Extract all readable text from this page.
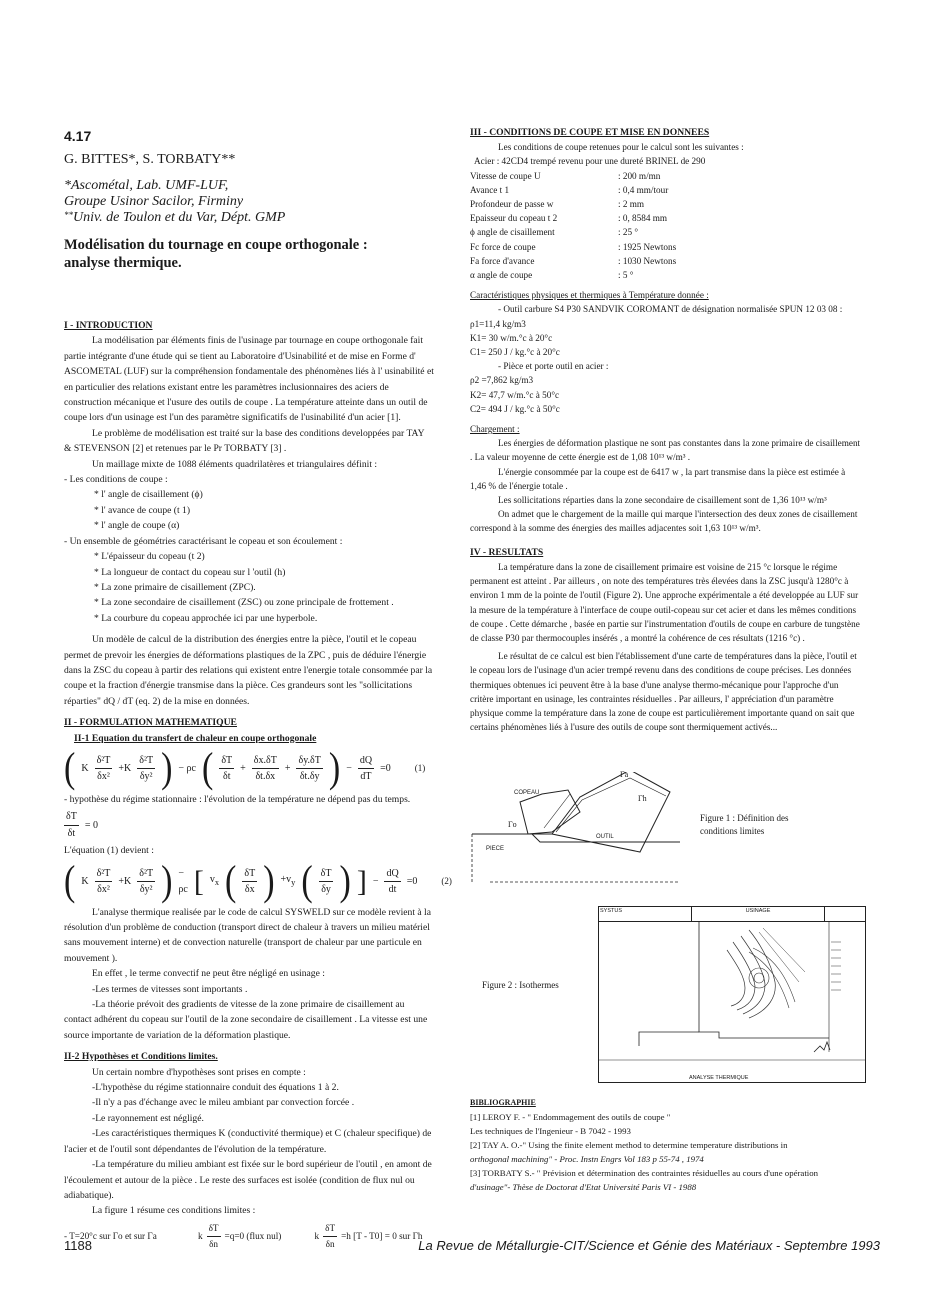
4.17
G. BITTES*, S. TORBATY**
*Ascométal, Lab. UMF-LUF,
Groupe Usinor Sacilor, Firminy
**Univ. de Toulon et du Var, Dépt. GMP
Modélisation du tournage en coupe orthogonale : analyse thermique.

I - INTRODUCTION

La modélisation par éléments finis de l'usinage par tournage en coupe orthogonale fait partie intégrante d'une étude qui se tient au Laboratoire d'Usinabilité et de mise en Forme d' ASCOMETAL (LUF) sur la compréhension fondamentale des phénomènes liés à l' usinabilité et en particulier des relations existant entre les paramètres inclusionnaires des aciers de construction mécanique et l'usure des outils de coupe . La température atteinte dans un outil de coupe lors d'un usinage est l'un des paramètre significatifs de l'usinabilité d'un acier [1].

Le problème de modélisation est traité sur la base des conditions developpées par TAY & STEVENSON [2] et retenues par le Pr TORBATY [3] .

Un maillage mixte de 1088 éléments quadrilatères et triangulaires définit :

- Les conditions de coupe :

* l' angle de cisaillement (ϕ)

* l' avance de coupe (t 1)

* l' angle de coupe (α)

- Un ensemble de géométries caractérisant le copeau et son écoulement :

* L'épaisseur du copeau (t 2)

* La longueur de contact du copeau sur l 'outil (h)

* La zone primaire de cisaillement (ZPC).

* La zone secondaire de cisaillement (ZSC) ou zone principale de frottement .

* La courbure du copeau approchée ici par une hyperbole.

Un modèle de calcul de la distribution des énergies entre la pièce, l'outil et le copeau permet de prevoir les énergies de déformations plastiques de la ZPC , puis de déduire l'énergie dans la ZSC du copeau à partir des relations qui existent entre l'energie totale consommée par la coupe et la fraction d'énergie transmise dans la pièce. Ces grandeurs sont les "sollicitations réparties" dQ / dT (eq. 2) de la mise en données.

II - FORMULATION MATHEMATIQUE

II-1 Equation du transfert de chaleur en coupe orthogonale

( K $\frac{\text{δ²T}}{\text{δx²}} +K \frac{\text{δ²T}}{\text{δy²}}$ ) − ρc ( $\frac{\delta T}{\delta t} + \frac{\delta x.\delta T}{\delta t.\delta x} + \frac{\delta y.\delta T}{\delta t.\delta y}$ ) − $\frac{dQ}{dT} =0$	(1)

- hypothèse du régime stationnaire : l'évolution de la température ne dépend pas du temps.

$\frac{\delta T}{\delta t} = 0$

L'équation (1) devient :

( K $\frac{\text{δ²T}}{\text{δx²}} +K \frac{\text{δ²T}}{\text{δy²}}$ ) − ρc [ $v_x$ ( $\frac{\delta T}{\delta x}$ ) $+v_y$ ( $\frac{\delta T}{\delta y}$ ) ] − $\frac{dQ}{dt} =0$	(2)

L'analyse thermique realisée par le code de calcul SYSWELD sur ce modèle revient à la résolution d'un problème de conduction (transport direct de chaleur à travers un milieu matériel sans mouvement interne) et de convection naturelle (transport de chaleur par une particule en mouvement ).

En effet , le terme convectif ne peut être négligé en usinage :

-Les termes de vitesses sont importants .

-La théorie prévoit des gradients de vitesse de la zone primaire de cisaillement au contact adhérent du copeau sur l'outil de la zone secondaire de cisaillement . La vitesse est une source importante de variation de la déformation plastique.

II-2 Hypothèses et Conditions limites.

Un certain nombre d'hypothèses sont prises en compte :

-L'hypothèse du régime stationnaire conduit des équations 1 à 2.

-Il n'y a pas d'échange avec le mileu ambiant par convection forcée .

-Le rayonnement est négligé.

-Les caractéristiques thermiques K (conductivité thermique) et C (chaleur specifique) de l'acier et de l'outil sont dépendantes de l'évolution de la température.

-La température du milieu ambiant est fixée sur le bord supérieur de l'outil , en amont de l'écoulement et autour de la pièce . Le reste des surfaces est isolée (condition de flux nul ou adiabatique).

La figure 1 résume ces conditions limites :

- T=20°c sur Γo et sur Γa	k $\frac{\delta T}{\delta n} =q=0$ (flux nul)	k $\frac{\delta T}{\delta n} =h$ [T - T0] = 0 sur Γh

III - CONDITIONS DE COUPE ET MISE EN DONNEES

Les conditions de coupe retenues pour le calcul sont les suivantes :

Acier : 42CD4 trempé revenu pour une dureté BRINEL de 290

Vitesse de coupe U	: 200 m/mn
Avance t 1	: 0,4 mm/tour
Profondeur de passe w	: 2 mm
Epaisseur du copeau t 2	: 0, 8584 mm
ϕ angle de cisaillement	: 25 °
Fc force de coupe	: 1925 Newtons
Fa force d'avance	: 1030 Newtons
α angle de coupe	: 5 °

Caractéristiques physiques et thermiques à Température donnée :

- Outil carbure S4 P30 SANDVIK COROMANT de désignation normalisée SPUN 12 03 08 :

ρ1=11,4 kg/m3

K1= 30 w/m.°c à 20°c

C1= 250 J / kg.°c à 20°c

- Pièce et porte outil en acier :

ρ2 =7,862 kg/m3

K2= 47,7 w/m.°c à 50°c

C2= 494 J / kg.°c à 50°c

Chargement :

Les énergies de déformation plastique ne sont pas constantes dans la zone primaire de cisaillement . La valeur moyenne de cette énergie est de 1,08 10¹³ w/m³ .

L'énergie consommée par la coupe est de 6417 w , la part transmise dans la pièce est estimée à 1,46 % de l'énergie totale .

Les sollicitations réparties dans la zone secondaire de cisaillement sont de 1,36 10¹³ w/m³

On admet que le chargement de la maille qui marque l'intersection des deux zones de cisaillement correspond à la somme des énergies des mailles adjacentes soit 1,63 10¹³ w/m³.

IV - RESULTATS

La température dans la zone de cisaillement primaire est voisine de 215 °c lorsque le régime permanent est atteint . Par ailleurs , on note des températures très élevées dans la ZSC jusqu'à 1280°c à environ 1 mm de la pointe de l'outil (Figure 2). Une approche expérimentale a été developpée au LUF sur la mesure de la température à l'interface de coupe outil-copeau sur cet acier et dans les mêmes conditions de coupe . Cette démarche , basée en partie sur l'instrumentation d'outils de coupe en carbure de tungstène de classe P30 par thermocouples insérés , a montré la cohérence de ces résultats (1216 °c) .

Le résultat de ce calcul est bien l'établissement d'une carte de températures dans la pièce, l'outil et le copeau lors de l'usinage d'un acier trempé revenu dans des conditions de coupe précises. Les données thermiques obtenues ici peuvent être à la base d'une analyse thermo-mécanique pour l'approche d'un critère important en usinage, les contraintes résiduelles . Par ailleurs, l' appréciation d'un paramètre physique comme la température dans la zone de coupe est particulièrement importante quand on sait que certains phénomènes liés à l'usure des outils de coupe sont thermiquement activés...

COPEAU
OUTIL
PIECE
Γa
Γh
Γo
Figure 1 : Définition des
conditions limites
SYSTUS	USINAGE
ANALYSE THERMIQUE
Figure 2 : Isothermes

BIBLIOGRAPHIE

[1] LEROY F. - " Endommagement des outils de coupe "

Les techniques de l'Ingenieur - B 7042 - 1993

[2] TAY A. O.-" Using the finite element method to determine temperature distributions in

orthogonal machining" - Proc. Instn Engrs Vol 183 p 55-74 , 1974

[3] TORBATY S.- " Prévision et détermination des contraintes résiduelles au cours d'une opération

d'usinage"- Thèse de Doctorat d'Etat Université Paris VI - 1988

1188	La Revue de Métallurgie-CIT/Science et Génie des Matériaux - Septembre 1993
